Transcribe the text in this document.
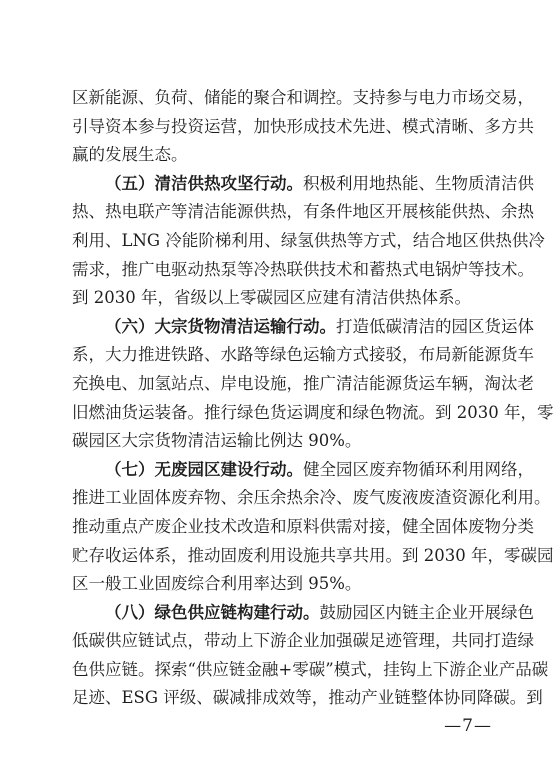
区新能源、负荷、储能的聚合和调控。支持参与电力市场交易，
引导资本参与投资运营，加快形成技术先进、模式清晰、多方共
赢的发展生态。
（五）清洁供热攻坚行动。积极利用地热能、生物质清洁供
热、热电联产等清洁能源供热，有条件地区开展核能供热、余热
利用、LNG 冷能阶梯利用、绿氢供热等方式，结合地区供热供冷
需求，推广电驱动热泵等冷热联供技术和蓄热式电锅炉等技术。
到 2030 年，省级以上零碳园区应建有清洁供热体系。
（六）大宗货物清洁运输行动。打造低碳清洁的园区货运体
系，大力推进铁路、水路等绿色运输方式接驳，布局新能源货车
充换电、加氢站点、岸电设施，推广清洁能源货运车辆，淘汰老
旧燃油货运装备。推行绿色货运调度和绿色物流。到 2030 年，零
碳园区大宗货物清洁运输比例达 90%。
（七）无废园区建设行动。健全园区废弃物循环利用网络，
推进工业固体废弃物、余压余热余冷、废气废液废渣资源化利用。
推动重点产废企业技术改造和原料供需对接，健全固体废物分类
贮存收运体系，推动固废利用设施共享共用。到 2030 年，零碳园
区一般工业固废综合利用率达到 95%。
（八）绿色供应链构建行动。鼓励园区内链主企业开展绿色
低碳供应链试点，带动上下游企业加强碳足迹管理，共同打造绿
色供应链。探索“供应链金融+零碳”模式，挂钩上下游企业产品碳
足迹、ESG 评级、碳减排成效等，推动产业链整体协同降碳。到
—7—
